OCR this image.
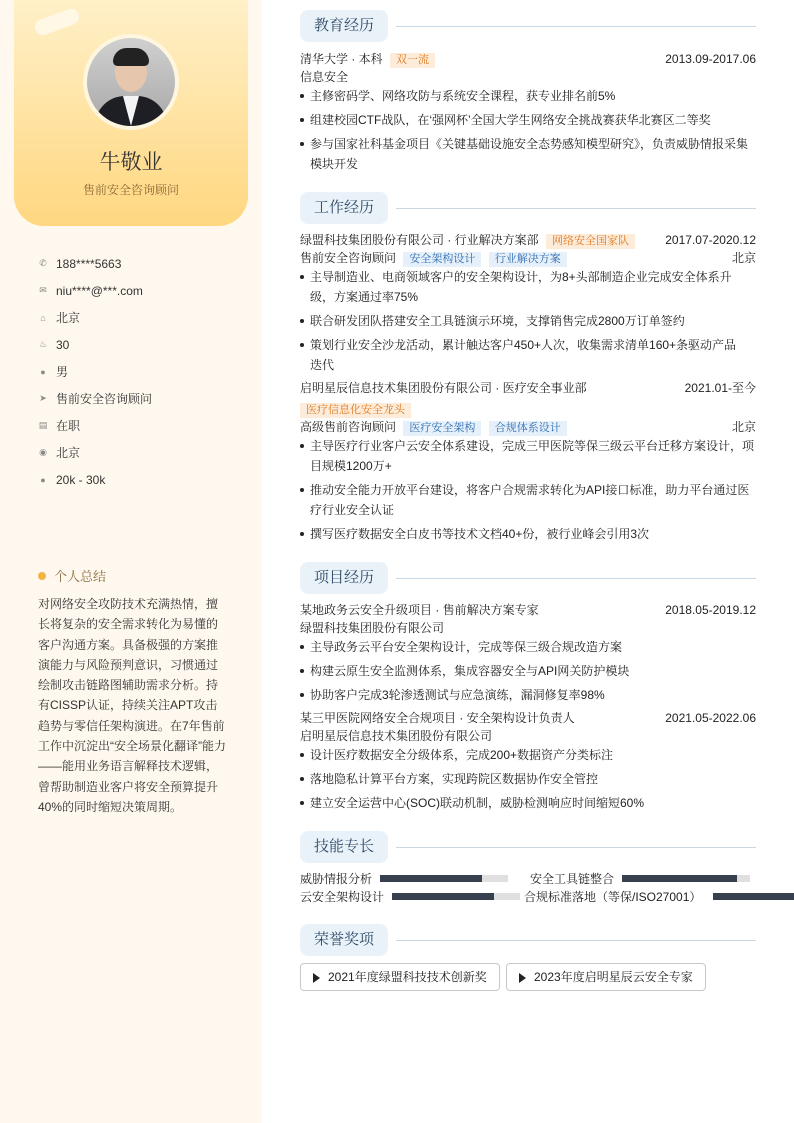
牛敬业
售前安全咨询顾问
✆ 188****5663
✉ niu****@***.com
⌂ 北京
♨ 30
● 男
➤ 售前安全咨询顾问
▤ 在职
◉ 北京
● 20k - 30k
个人总结
对网络安全攻防技术充满热情，擅长将复杂的安全需求转化为易懂的客户沟通方案。具备极强的方案推演能力与风险预判意识，习惯通过绘制攻击链路图辅助需求分析。持有CISSP认证，持续关注APT攻击趋势与零信任架构演进。在7年售前工作中沉淀出“安全场景化翻译”能力——能用业务语言解释技术逻辑，曾帮助制造业客户将安全预算提升40%的同时缩短决策周期。
教育经历
清华大学 · 本科 双一流	2013.09-2017.06
信息安全
主修密码学、网络攻防与系统安全课程，获专业排名前5%
组建校园CTF战队，在‘强网杯’全国大学生网络安全挑战赛获华北赛区二等奖
参与国家社科基金项目《关键基础设施安全态势感知模型研究》，负责威胁情报采集模块开发
工作经历
绿盟科技集团股份有限公司 · 行业解决方案部 网络安全国家队	2017.07-2020.12
售前安全咨询顾问 安全架构设计 行业解决方案	北京
主导制造业、电商领域客户的安全架构设计，为8+头部制造企业完成安全体系升级，方案通过率75%
联合研发团队搭建安全工具链演示环境，支撑销售完成2800万订单签约
策划行业安全沙龙活动，累计触达客户450+人次，收集需求清单160+条驱动产品迭代
启明星辰信息技术集团股份有限公司 · 医疗安全事业部	2021.01-至今
医疗信息化安全龙头
高级售前咨询顾问 医疗安全架构 合规体系设计	北京
主导医疗行业客户云安全体系建设，完成三甲医院等保三级云平台迁移方案设计，项目规模1200万+
推动安全能力开放平台建设，将客户合规需求转化为API接口标准，助力平台通过医疗行业安全认证
撰写医疗数据安全白皮书等技术文档40+份，被行业峰会引用3次
项目经历
某地政务云安全升级项目 · 售前解决方案专家	2018.05-2019.12
绿盟科技集团股份有限公司
主导政务云平台安全架构设计，完成等保三级合规改造方案
构建云原生安全监测体系，集成容器安全与API网关防护模块
协助客户完成3轮渗透测试与应急演练，漏洞修复率98%
某三甲医院网络安全合规项目 · 安全架构设计负责人	2021.05-2022.06
启明星辰信息技术集团股份有限公司
设计医疗数据安全分级体系，完成200+数据资产分类标注
落地隐私计算平台方案，实现跨院区数据协作安全管控
建立安全运营中心(SOC)联动机制，威胁检测响应时间缩短60%
技能专长
威胁情报分析	安全工具链整合
云安全架构设计	合规标准落地（等保/ISO27001）
荣誉奖项
2021年度绿盟科技技术创新奖	2023年度启明星辰云安全专家
